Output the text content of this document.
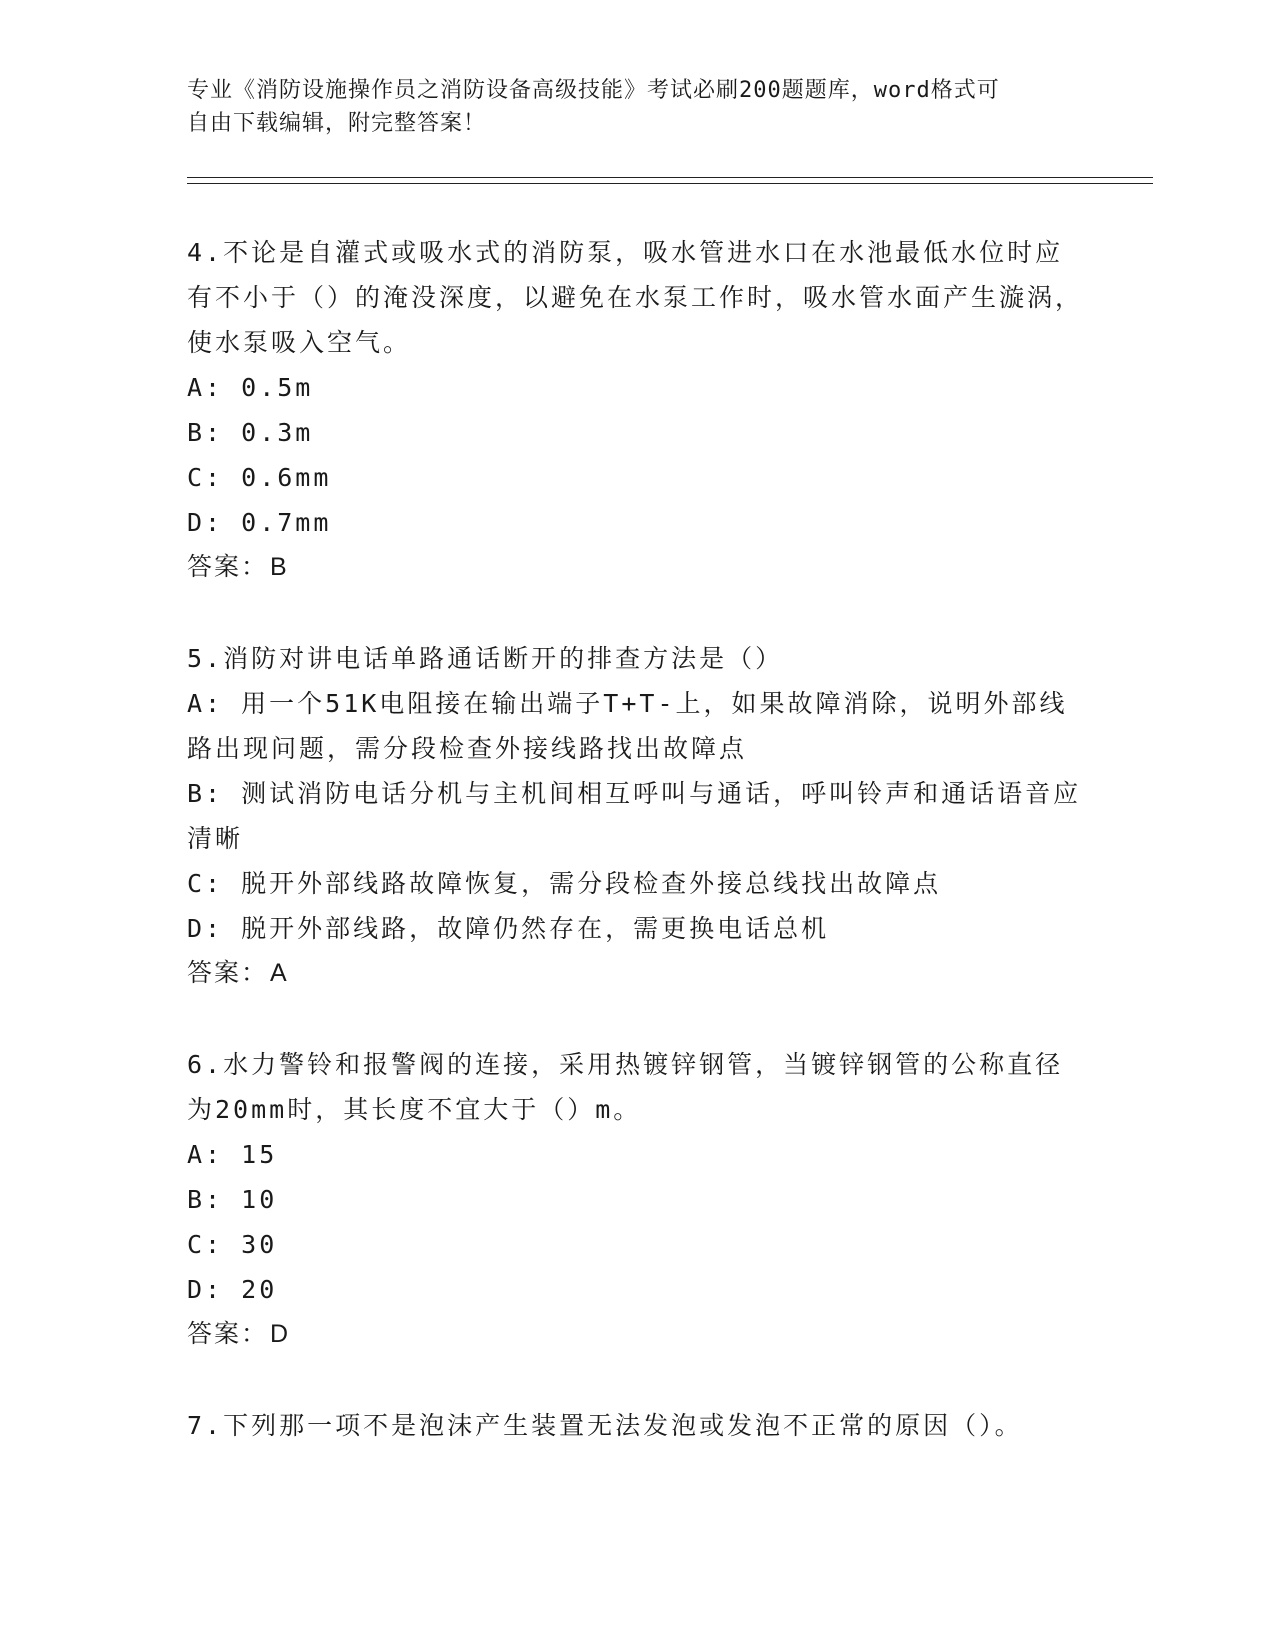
专业《消防设施操作员之消防设备高级技能》考试必刷200题题库，word格式可
自由下载编辑，附完整答案！
4.不论是自灌式或吸水式的消防泵，吸水管进水口在水池最低水位时应有不小于（）的淹没深度，以避免在水泵工作时，吸水管水面产生漩涡，使水泵吸入空气。
A: 0.5m
B: 0.3m
C: 0.6mm
D: 0.7mm
答案：B
5.消防对讲电话单路通话断开的排查方法是（）
A: 用一个51K电阻接在输出端子T+T-上，如果故障消除，说明外部线路出现问题，需分段检查外接线路找出故障点
B: 测试消防电话分机与主机间相互呼叫与通话，呼叫铃声和通话语音应清晰
C: 脱开外部线路故障恢复，需分段检查外接总线找出故障点
D: 脱开外部线路，故障仍然存在，需更换电话总机
答案：A
6.水力警铃和报警阀的连接，采用热镀锌钢管，当镀锌钢管的公称直径为20mm时，其长度不宜大于（）m。
A: 15
B: 10
C: 30
D: 20
答案：D
7.下列那一项不是泡沫产生装置无法发泡或发泡不正常的原因（）。
